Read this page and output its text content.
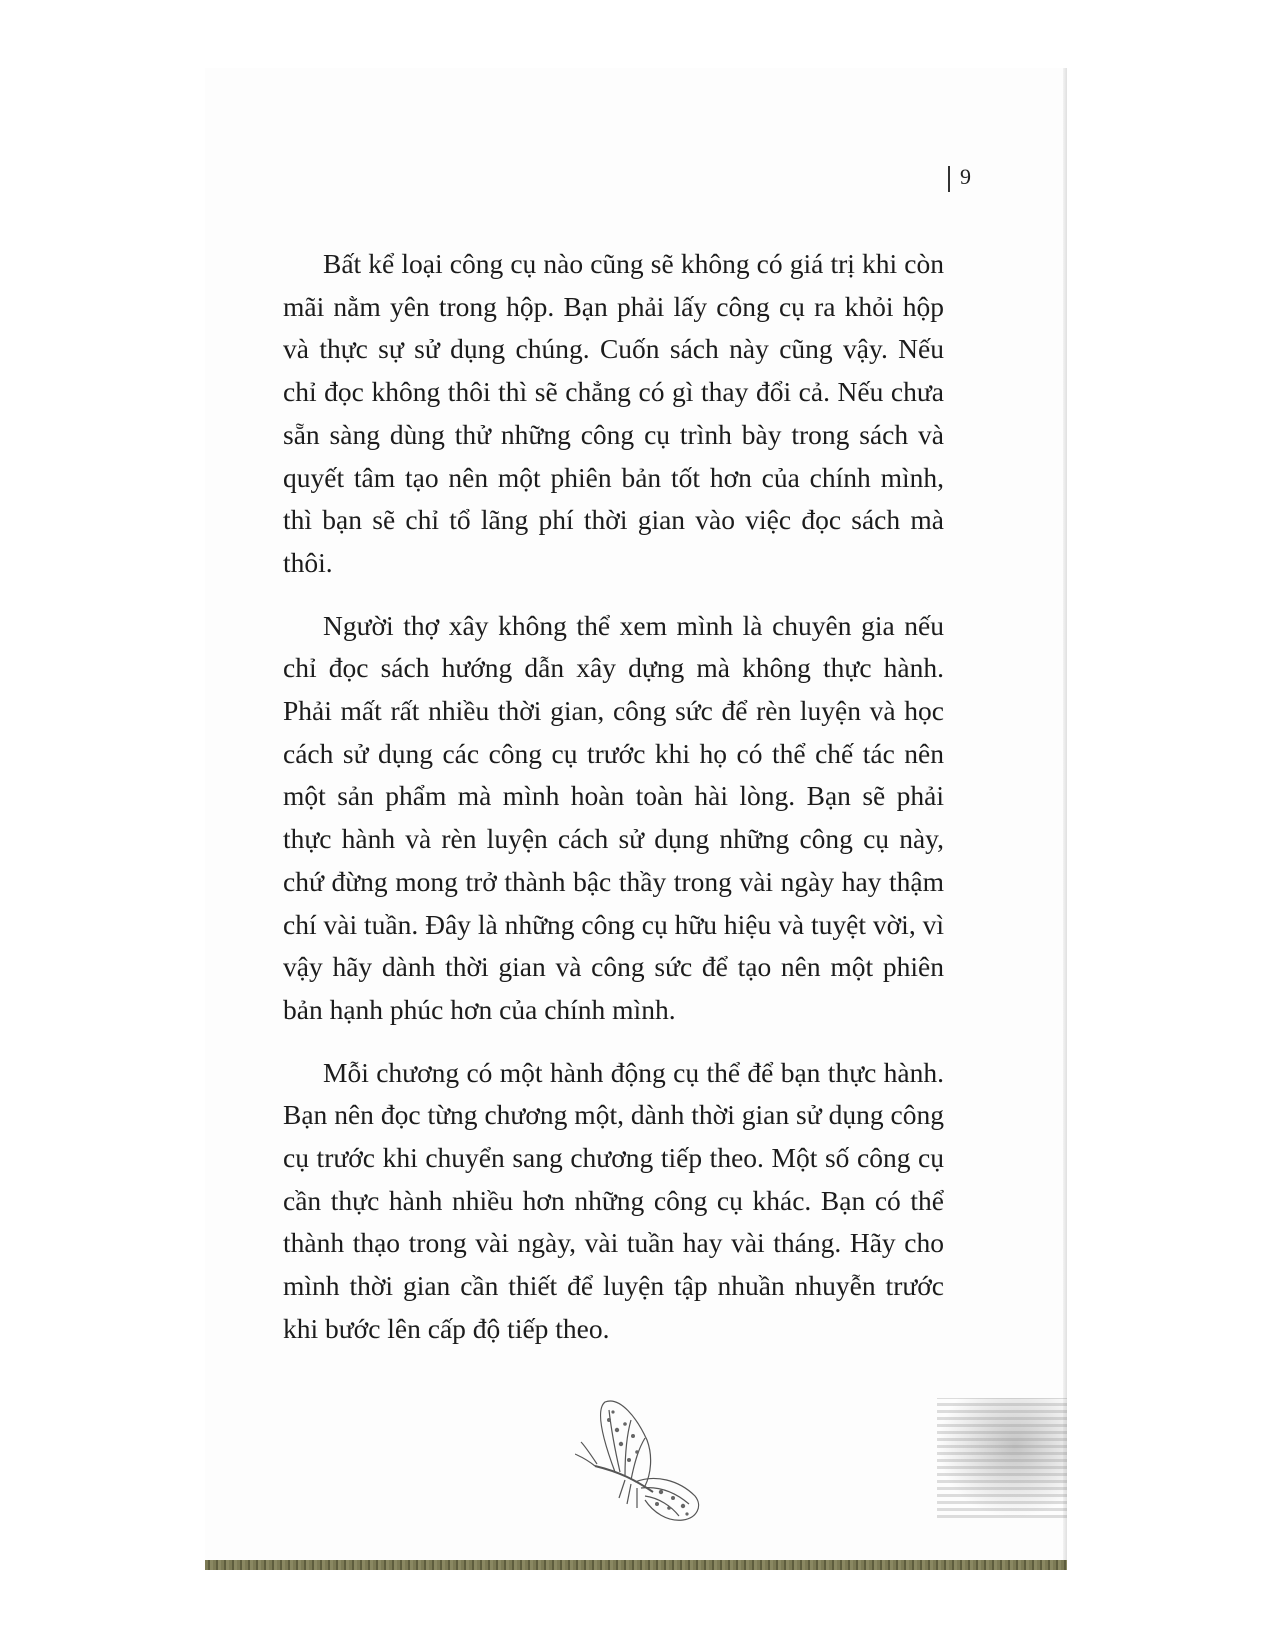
9

Bất kể loại công cụ nào cũng sẽ không có giá trị khi còn mãi nằm yên trong hộp. Bạn phải lấy công cụ ra khỏi hộp và thực sự sử dụng chúng. Cuốn sách này cũng vậy. Nếu chỉ đọc không thôi thì sẽ chẳng có gì thay đổi cả. Nếu chưa sẵn sàng dùng thử những công cụ trình bày trong sách và quyết tâm tạo nên một phiên bản tốt hơn của chính mình, thì bạn sẽ chỉ tổ lãng phí thời gian vào việc đọc sách mà thôi.

Người thợ xây không thể xem mình là chuyên gia nếu chỉ đọc sách hướng dẫn xây dựng mà không thực hành. Phải mất rất nhiều thời gian, công sức để rèn luyện và học cách sử dụng các công cụ trước khi họ có thể chế tác nên một sản phẩm mà mình hoàn toàn hài lòng. Bạn sẽ phải thực hành và rèn luyện cách sử dụng những công cụ này, chứ đừng mong trở thành bậc thầy trong vài ngày hay thậm chí vài tuần. Đây là những công cụ hữu hiệu và tuyệt vời, vì vậy hãy dành thời gian và công sức để tạo nên một phiên bản hạnh phúc hơn của chính mình.

Mỗi chương có một hành động cụ thể để bạn thực hành. Bạn nên đọc từng chương một, dành thời gian sử dụng công cụ trước khi chuyển sang chương tiếp theo. Một số công cụ cần thực hành nhiều hơn những công cụ khác. Bạn có thể thành thạo trong vài ngày, vài tuần hay vài tháng. Hãy cho mình thời gian cần thiết để luyện tập nhuần nhuyễn trước khi bước lên cấp độ tiếp theo.
